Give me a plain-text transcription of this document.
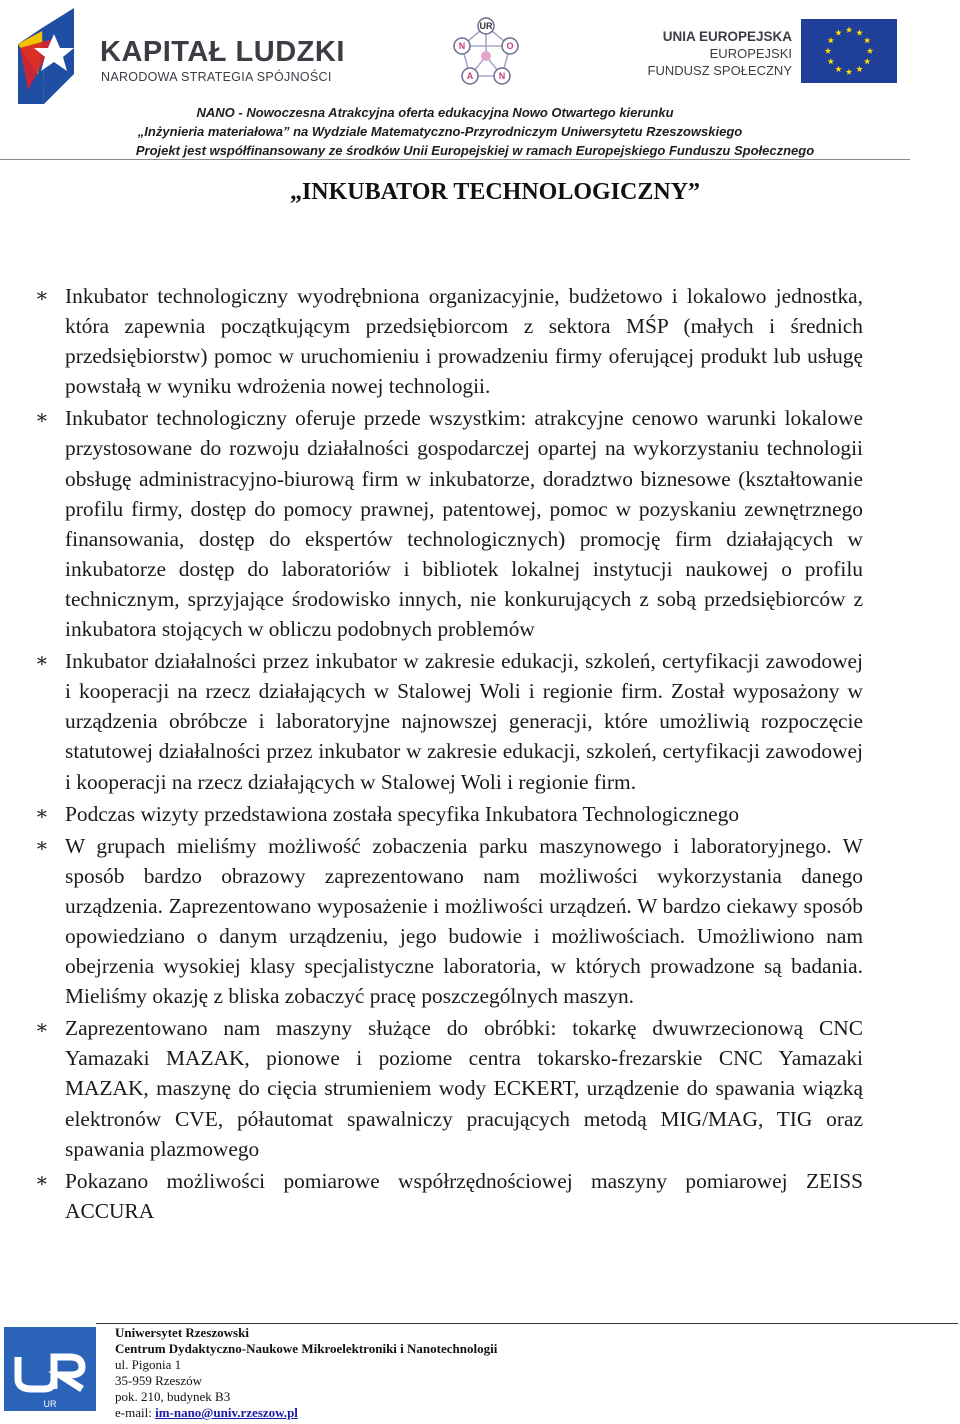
KAPITAŁ LUDZKI
NARODOWA STRATEGIA SPÓJNOŚCI
UR
N	O
A	N
UNIA EUROPEJSKA
EUROPEJSKI
FUNDUSZ SPOŁECZNY
NANO - Nowoczesna Atrakcyjna oferta edukacyjna Nowo Otwartego kierunku
„Inżynieria materiałowa” na Wydziale Matematyczno-Przyrodniczym Uniwersytetu Rzeszowskiego
Projekt jest współfinansowany ze środków Unii Europejskiej w ramach Europejskiego Funduszu Społecznego
„INKUBATOR TECHNOLOGICZNY”
∗ Inkubator technologiczny wyodrębniona organizacyjnie, budżetowo i lokalowo jednostka, która zapewnia początkującym przedsiębiorcom z sektora MŚP (małych i średnich przedsiębiorstw) pomoc w uruchomieniu i prowadzeniu firmy oferującej produkt lub usługę powstałą w wyniku wdrożenia nowej technologii.
∗ Inkubator technologiczny oferuje przede wszystkim: atrakcyjne cenowo warunki lokalowe przystosowane do rozwoju działalności gospodarczej opartej na wykorzystaniu technologii obsługę administracyjno-biurową firm w inkubatorze, doradztwo biznesowe (kształtowanie profilu firmy, dostęp do pomocy prawnej, patentowej, pomoc w pozyskaniu zewnętrznego finansowania, dostęp do ekspertów technologicznych) promocję firm działających w inkubatorze dostęp do laboratoriów i bibliotek lokalnej instytucji naukowej o profilu technicznym, sprzyjające środowisko innych, nie konkurujących z sobą przedsiębiorców z inkubatora stojących w obliczu podobnych problemów
∗ Inkubator działalności przez inkubator w zakresie edukacji, szkoleń, certyfikacji zawodowej i kooperacji na rzecz działających w Stalowej Woli i regionie firm. Został wyposażony w urządzenia obróbcze i laboratoryjne najnowszej generacji, które umożliwią rozpoczęcie statutowej działalności przez inkubator w zakresie edukacji, szkoleń, certyfikacji zawodowej i kooperacji na rzecz działających w Stalowej Woli i regionie firm.
∗ Podczas wizyty przedstawiona została specyfika Inkubatora Technologicznego
∗ W grupach mieliśmy możliwość zobaczenia parku maszynowego i laboratoryjnego. W sposób bardzo obrazowy zaprezentowano nam możliwości wykorzystania danego urządzenia. Zaprezentowano wyposażenie i możliwości urządzeń. W bardzo ciekawy sposób opowiedziano o danym urządzeniu, jego budowie i możliwościach. Umożliwiono nam obejrzenia wysokiej klasy specjalistyczne laboratoria, w których prowadzone są badania. Mieliśmy okazję z bliska zobaczyć pracę poszczególnych maszyn.
∗ Zaprezentowano nam maszyny służące do obróbki: tokarkę dwuwrzecionową CNC Yamazaki MAZAK, pionowe i poziome centra tokarsko-frezarskie CNC Yamazaki MAZAK, maszynę do cięcia strumieniem wody ECKERT, urządzenie do spawania wiązką elektronów CVE, półautomat spawalniczy pracujących metodą MIG/MAG, TIG oraz spawania plazmowego
∗ Pokazano możliwości pomiarowe współrzędnościowej maszyny pomiarowej ZEISS ACCURA
UR
Uniwersytet Rzeszowski
Centrum Dydaktyczno-Naukowe Mikroelektroniki i Nanotechnologii
ul. Pigonia 1
35-959 Rzeszów
pok. 210, budynek B3
e-mail: im-nano@univ.rzeszow.pl
